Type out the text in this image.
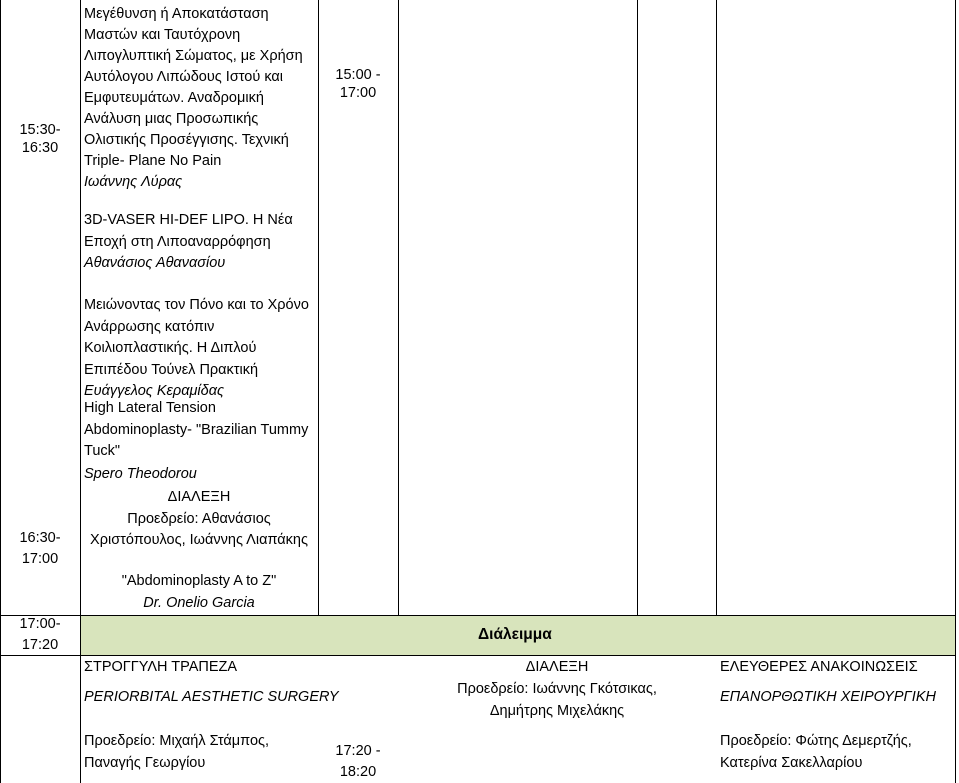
15:30-
16:30
15:00 -
17:00
Μεγέθυνση ή Αποκατάσταση
Μαστών και Ταυτόχρονη
Λιπογλυπτική Σώματος, με Χρήση
Αυτόλογου Λιπώδους Ιστού και
Εμφυτευμάτων. Αναδρομική
Ανάλυση μιας Προσωπικής
Ολιστικής Προσέγγισης. Τεχνική
Triple- Plane No Pain
Ιωάννης Λύρας
3D-VASER HI-DEF LIPO. Η Νέα
Εποχή στη Λιποαναρρόφηση
Αθανάσιος Αθανασίου
Μειώνοντας τον Πόνο και το Χρόνο
Ανάρρωσης κατόπιν
Κοιλιοπλαστικής. Η Διπλού
Επιπέδου Τούνελ Πρακτική
Ευάγγελος Κεραμίδας
High Lateral Tension
Abdominoplasty- "Brazilian Tummy
Tuck"
Spero Theodorou
16:30-
17:00
ΔΙΑΛΕΞΗ
Προεδρείο: Αθανάσιος
Χριστόπουλος, Ιωάννης Λιαπάκης
"Abdominoplasty A to Z"
Dr. Onelio Garcia
17:00-
17:20
Διάλειμμα
17:20 -
18:20
ΣΤΡΟΓΓΥΛΗ ΤΡΑΠΕΖΑ
PERIORBITAL AESTHETIC SURGERY
Προεδρείο: Μιχαήλ Στάμπος,
Παναγής Γεωργίου
ΔΙΑΛΕΞΗ
Προεδρείο: Ιωάννης Γκότσικας,
Δημήτρης Μιχελάκης
ΕΛΕΥΘΕΡΕΣ ΑΝΑΚΟΙΝΩΣΕΙΣ
ΕΠΑΝΟΡΘΩΤΙΚΗ ΧΕΙΡΟΥΡΓΙΚΗ
Προεδρείο: Φώτης Δεμερτζής,
Κατερίνα Σακελλαρίου
